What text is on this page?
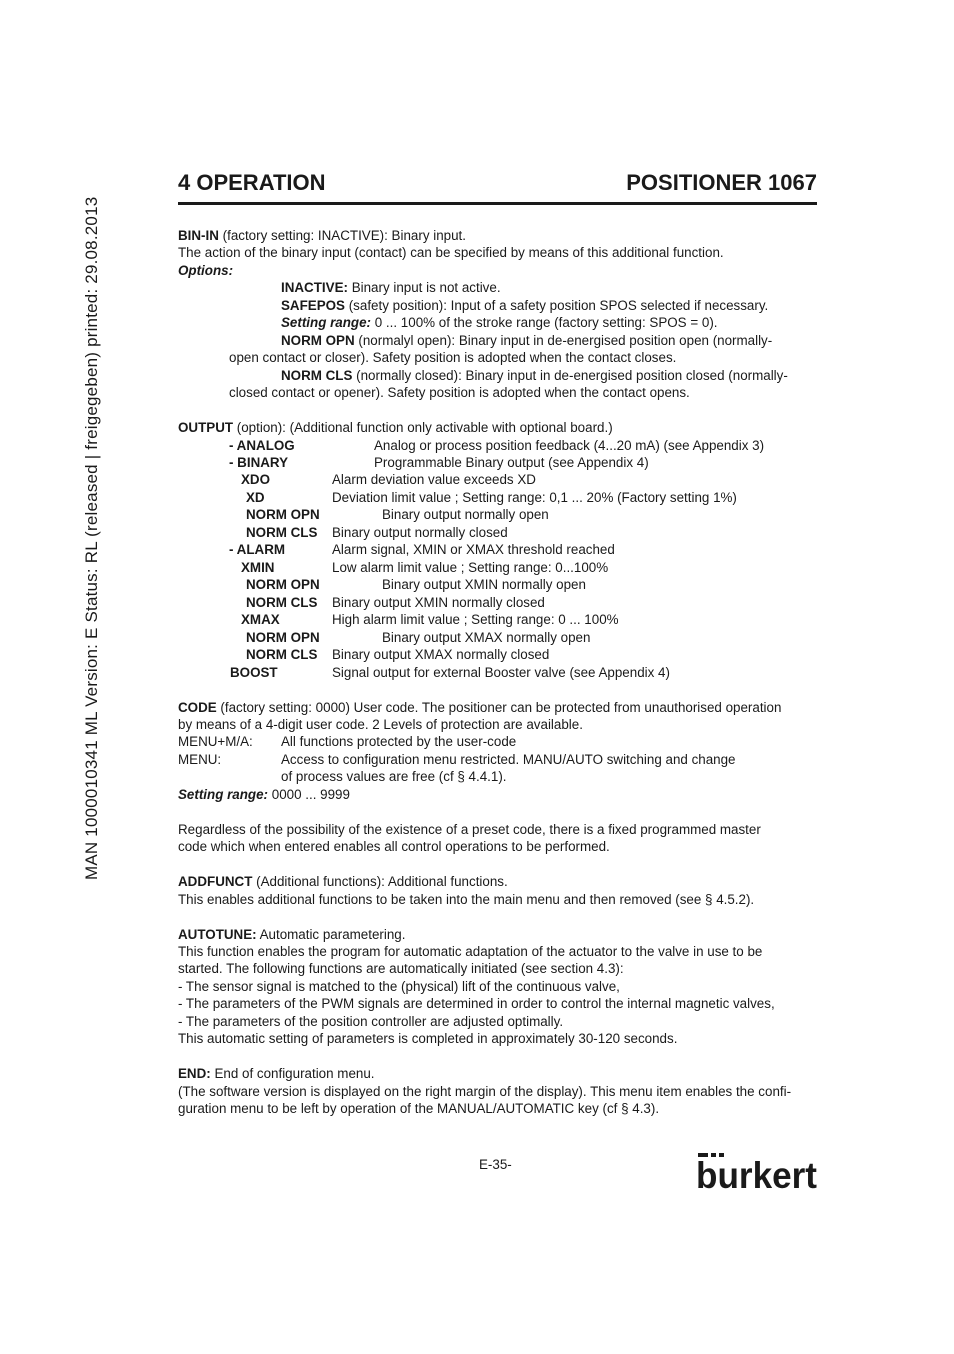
MAN 1000010341 ML Version: E Status: RL (released | freigegeben) printed: 29.08.2013
4 OPERATION	POSITIONER 1067
BIN-IN (factory setting: INACTIVE): Binary input.
The action of the binary input (contact) can be specified by means of this additional function.
Options:
INACTIVE: Binary input is not active.
SAFEPOS (safety position): Input of a safety position SPOS selected if necessary.
Setting range: 0 ... 100% of the stroke range (factory setting: SPOS = 0).
NORM OPN (normalyl open): Binary input in de-energised position open (normally-
open contact or closer). Safety position is adopted when the contact closes.
NORM CLS (normally closed): Binary input in de-energised position closed (normally-
closed contact or opener). Safety position is adopted when the contact opens.
OUTPUT (option): (Additional function only activable with optional board.)
- ANALOG	Analog or process position feedback (4...20 mA) (see Appendix 3)
- BINARY	Programmable Binary output (see Appendix 4)
XDO	Alarm deviation value exceeds XD
XD	Deviation limit value ; Setting range: 0,1 ... 20% (Factory setting 1%)
NORM OPN	Binary output normally open
NORM CLS Binary output normally closed
- ALARM	Alarm signal, XMIN or XMAX threshold reached
XMIN	Low alarm limit value ; Setting range: 0...100%
NORM OPN	Binary output XMIN normally open
NORM CLS Binary output XMIN normally closed
XMAX	High alarm limit value ; Setting range: 0 ... 100%
NORM OPN	Binary output XMAX normally open
NORM CLS Binary output XMAX normally closed
BOOST	Signal output for external Booster valve (see Appendix 4)
CODE (factory setting: 0000) User code. The positioner can be protected from unauthorised operation
by means of a 4-digit user code. 2 Levels of protection are available.
MENU+M/A: All functions protected by the user-code
MENU:	Access to configuration menu restricted. MANU/AUTO switching and change
of process values are free (cf § 4.4.1).
Setting range: 0000 ... 9999
Regardless of the possibility of the existence of a preset code, there is a fixed programmed master
code which when entered enables all control operations to be performed.
ADDFUNCT (Additional functions): Additional functions.
This enables additional functions to be taken into the main menu and then removed (see § 4.5.2).
AUTOTUNE: Automatic parametering.
This function enables the program for automatic adaptation of the actuator to the valve in use to be
started. The following functions are automatically initiated (see section 4.3):
- The sensor signal is matched to the (physical) lift of the continuous valve,
- The parameters of the PWM signals are determined in order to control the internal magnetic valves,
- The parameters of the position controller are adjusted optimally.
This automatic setting of parameters is completed in approximately 30-120 seconds.
END: End of configuration menu.
(The software version is displayed on the right margin of the display). This menu item enables the confi-
guration menu to be left by operation of the MANUAL/AUTOMATIC key (cf § 4.3).
E-35-	burkert
